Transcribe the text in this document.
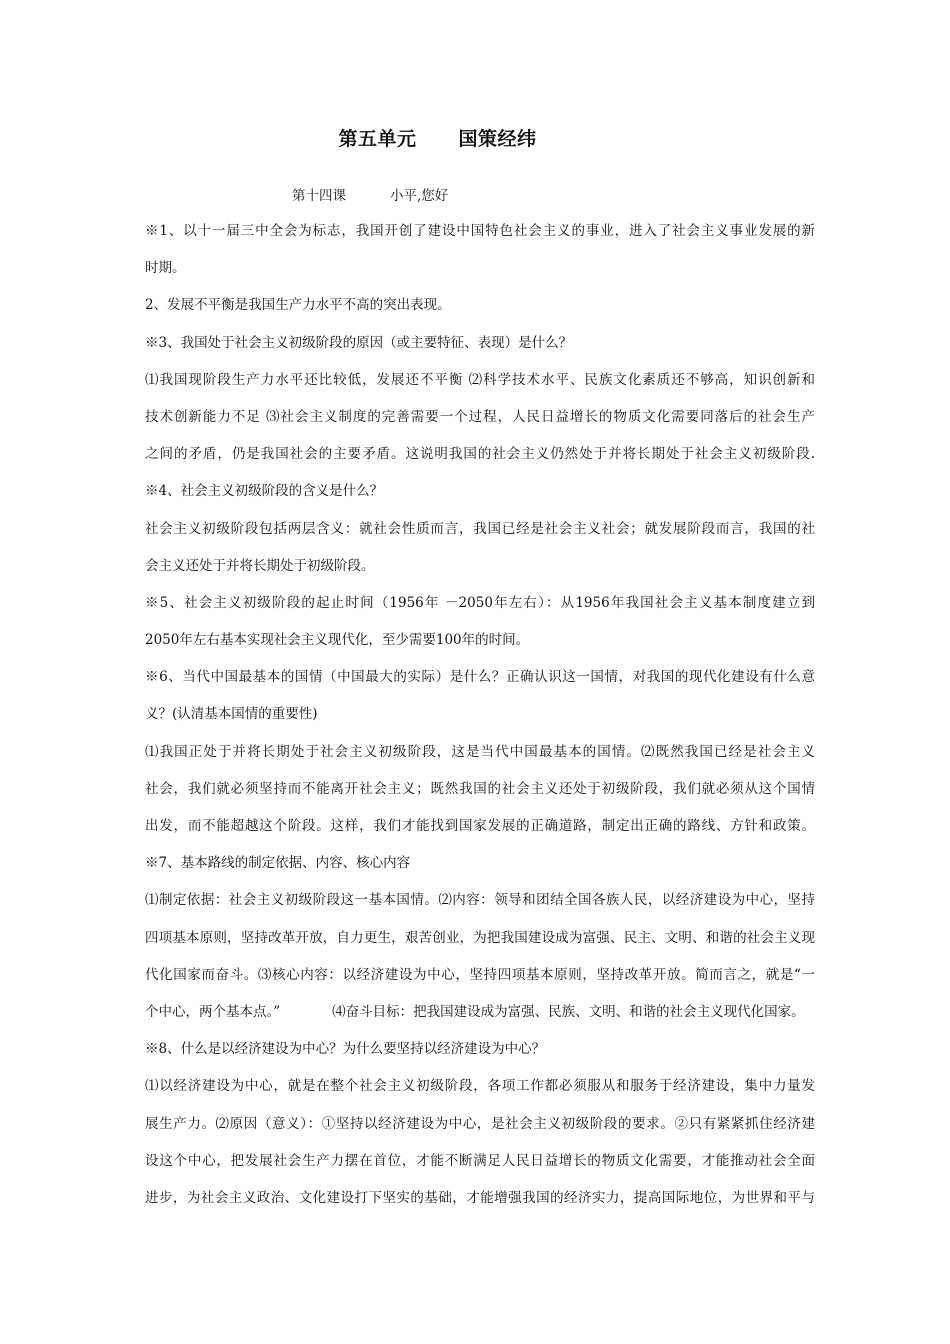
第五单元 国策经纬
第十四课	小平,您好
※1、以十一届三中全会为标志，我国开创了建设中国特色社会主义的事业，进入了社会主义事业发展的新
时期。
2、发展不平衡是我国生产力水平不高的突出表现。
※3、我国处于社会主义初级阶段的原因（或主要特征、表现）是什么？
⑴我国现阶段生产力水平还比较低，发展还不平衡 ⑵科学技术水平、民族文化素质还不够高，知识创新和
技术创新能力不足 ⑶社会主义制度的完善需要一个过程，人民日益增长的物质文化需要同落后的社会生产
之间的矛盾，仍是我国社会的主要矛盾。这说明我国的社会主义仍然处于并将长期处于社会主义初级阶段.
※4、社会主义初级阶段的含义是什么？
社会主义初级阶段包括两层含义：就社会性质而言，我国已经是社会主义社会；就发展阶段而言，我国的社
会主义还处于并将长期处于初级阶段。
※5、社会主义初级阶段的起止时间（1956年 －2050年左右）：从1956年我国社会主义基本制度建立到
2050年左右基本实现社会主义现代化，至少需要100年的时间。
※6、当代中国最基本的国情（中国最大的实际）是什么？正确认识这一国情，对我国的现代化建设有什么意
义？(认清基本国情的重要性)
⑴我国正处于并将长期处于社会主义初级阶段，这是当代中国最基本的国情。⑵既然我国已经是社会主义
社会，我们就必须坚持而不能离开社会主义；既然我国的社会主义还处于初级阶段，我们就必须从这个国情
出发，而不能超越这个阶段。这样，我们才能找到国家发展的正确道路，制定出正确的路线、方针和政策。
※7、基本路线的制定依据、内容、核心内容
⑴制定依据：社会主义初级阶段这一基本国情。⑵内容：领导和团结全国各族人民，以经济建设为中心，坚持
四项基本原则，坚持改革开放，自力更生，艰苦创业，为把我国建设成为富强、民主、文明、和谐的社会主义现
代化国家而奋斗。⑶核心内容：以经济建设为中心，坚持四项基本原则，坚持改革开放。简而言之，就是“一
个中心，两个基本点。”	⑷奋斗目标：把我国建设成为富强、民族、文明、和谐的社会主义现代化国家。
※8、什么是以经济建设为中心？为什么要坚持以经济建设为中心？
⑴以经济建设为中心，就是在整个社会主义初级阶段，各项工作都必须服从和服务于经济建设，集中力量发
展生产力。⑵原因（意义）：①坚持以经济建设为中心，是社会主义初级阶段的要求。②只有紧紧抓住经济建
设这个中心，把发展社会生产力摆在首位，才能不断满足人民日益增长的物质文化需要，才能推动社会全面
进步，为社会主义政治、文化建设打下坚实的基础，才能增强我国的经济实力，提高国际地位，为世界和平与
